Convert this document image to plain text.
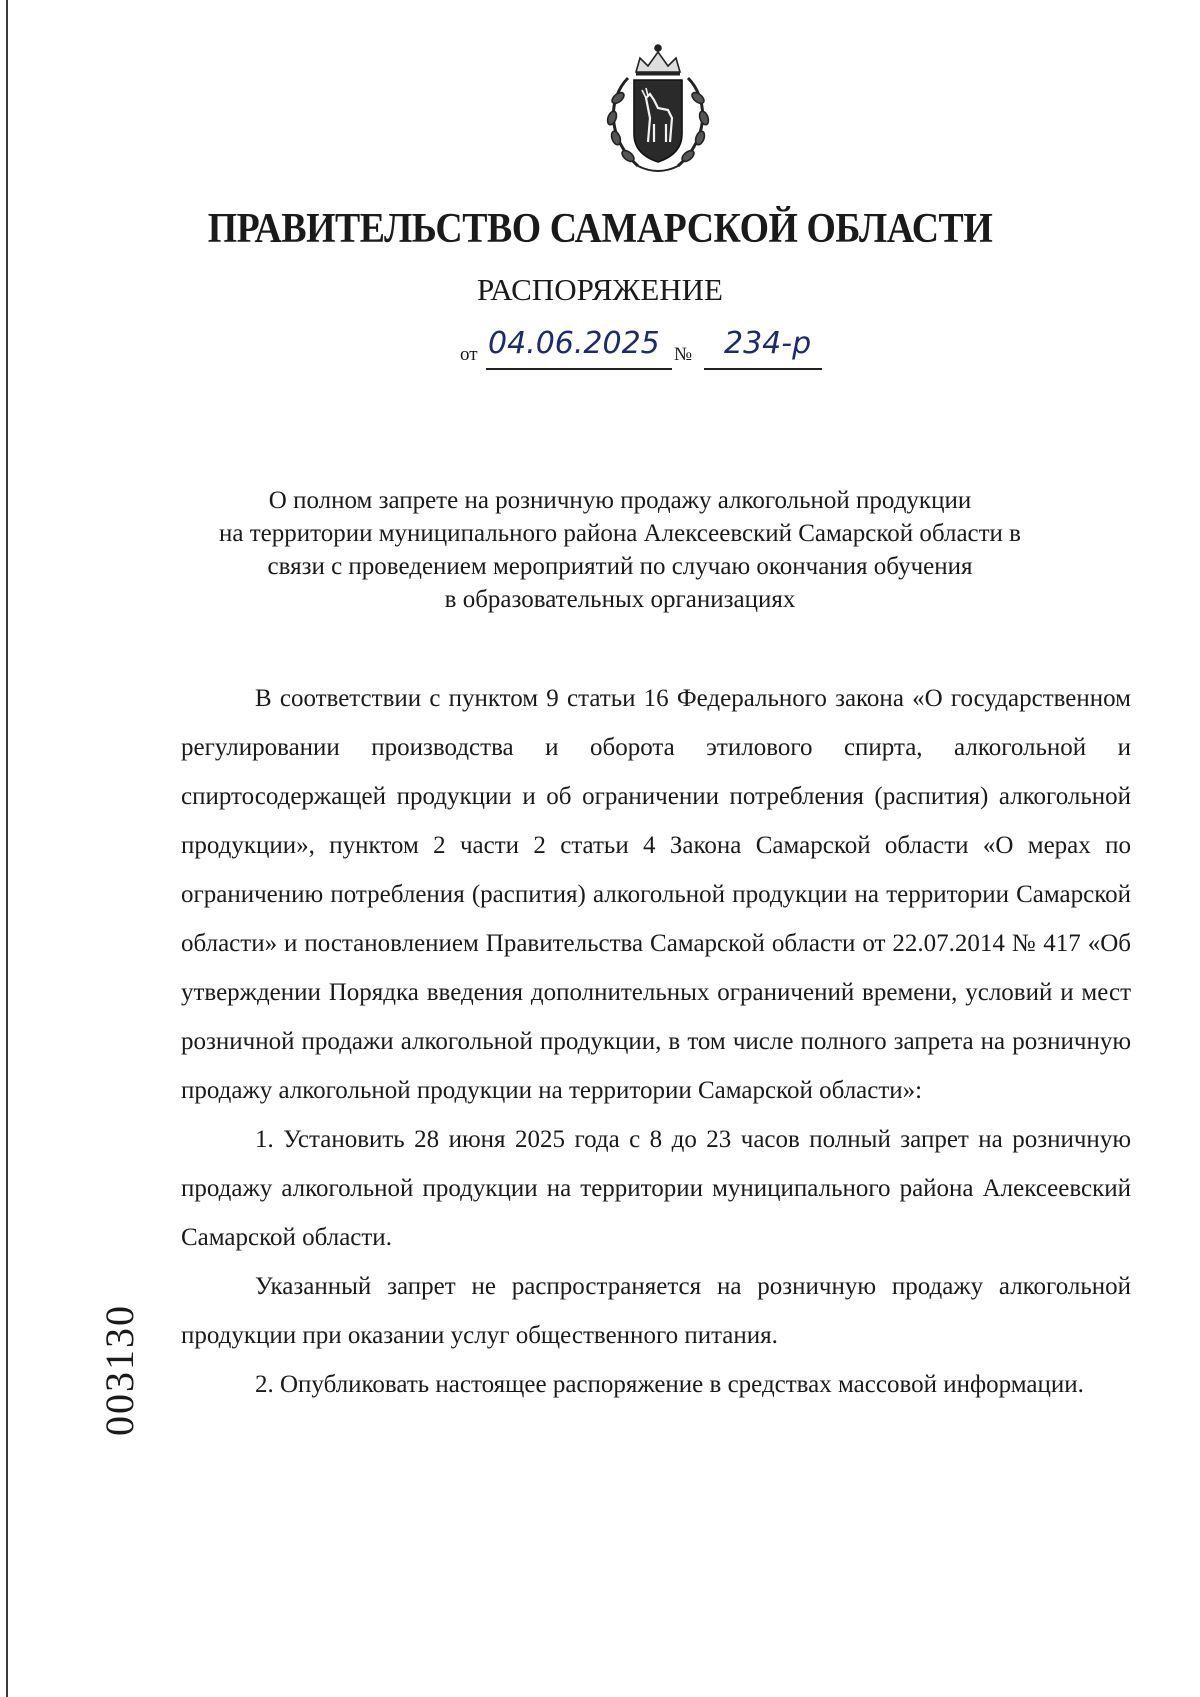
ПРАВИТЕЛЬСТВО САМАРСКОЙ ОБЛАСТИ
РАСПОРЯЖЕНИЕ
от 04.06.2025 № 234-р
О полном запрете на розничную продажу алкогольной продукции
на территории муниципального района Алексеевский Самарской области в
связи с проведением мероприятий по случаю окончания обучения
в образовательных организациях

В соответствии с пунктом 9 статьи 16 Федерального закона «О государственном регулировании производства и оборота этилового спирта, алкогольной и спиртосодержащей продукции и об ограничении потребления (распития) алкогольной продукции», пунктом 2 части 2 статьи 4 Закона Самарской области «О мерах по ограничению потребления (распития) алкогольной продукции на территории Самарской области» и постановлением Правительства Самарской области от 22.07.2014 № 417 «Об утверждении Порядка введения дополнительных ограничений времени, условий и мест розничной продажи алкогольной продукции, в том числе полного запрета на розничную продажу алкогольной продукции на территории Самарской области»:

1. Установить 28 июня 2025 года с 8 до 23 часов полный запрет на розничную продажу алкогольной продукции на территории муниципального района Алексеевский Самарской области.

Указанный запрет не распространяется на розничную продажу алкогольной продукции при оказании услуг общественного питания.

2. Опубликовать настоящее распоряжение в средствах массовой информации.

003130
